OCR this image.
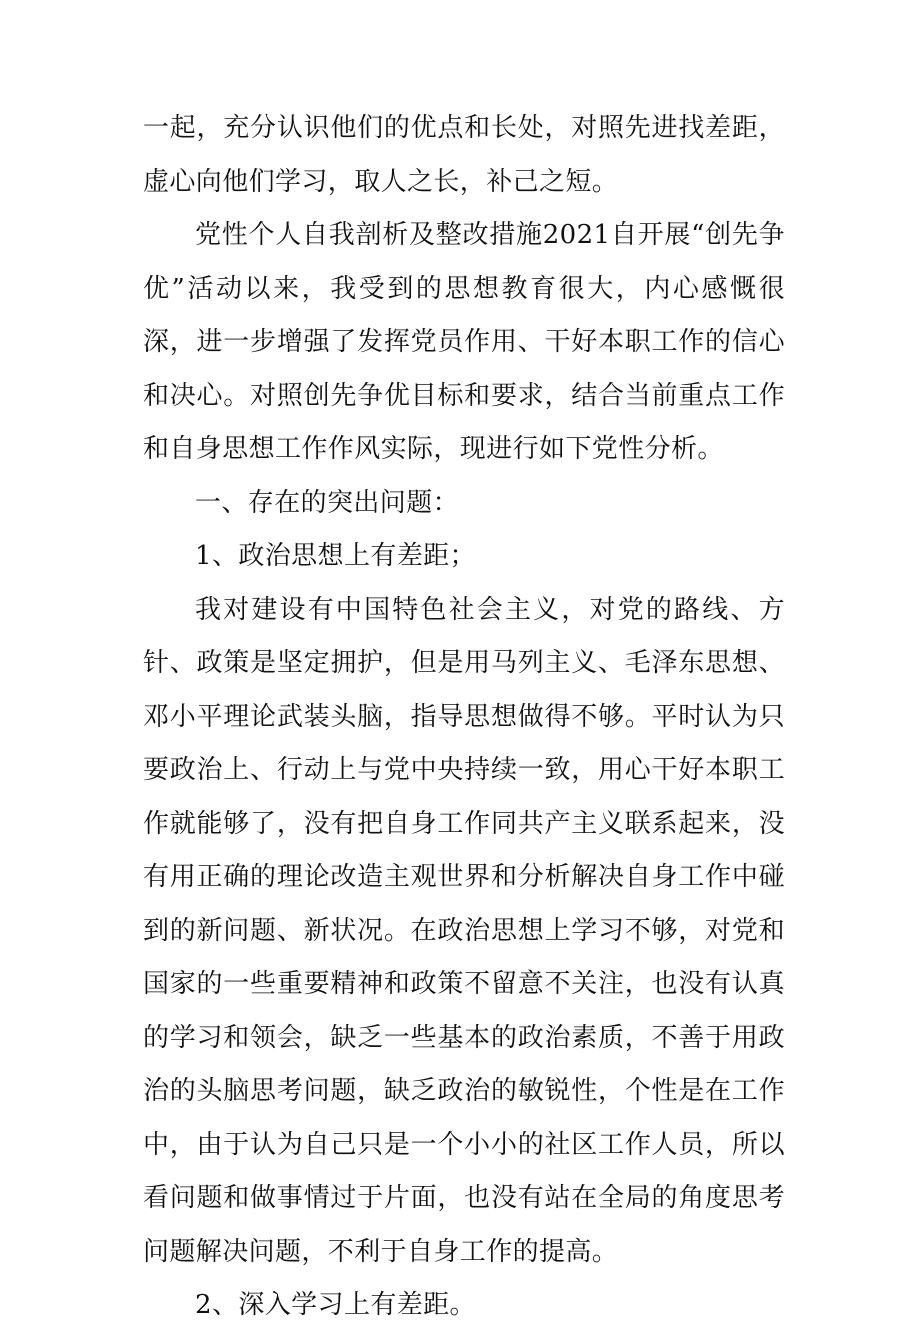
一起，充分认识他们的优点和长处，对照先进找差距，虚心向他们学习，取人之长，补己之短。

党性个人自我剖析及整改措施2021自开展“创先争优”活动以来，我受到的思想教育很大，内心感慨很深，进一步增强了发挥党员作用、干好本职工作的信心和决心。对照创先争优目标和要求，结合当前重点工作和自身思想工作作风实际，现进行如下党性分析。

一、存在的突出问题：

1、政治思想上有差距；

我对建设有中国特色社会主义，对党的路线、方针、政策是坚定拥护，但是用马列主义、毛泽东思想、邓小平理论武装头脑，指导思想做得不够。平时认为只要政治上、行动上与党中央持续一致，用心干好本职工作就能够了，没有把自身工作同共产主义联系起来，没有用正确的理论改造主观世界和分析解决自身工作中碰到的新问题、新状况。在政治思想上学习不够，对党和国家的一些重要精神和政策不留意不关注，也没有认真的学习和领会，缺乏一些基本的政治素质，不善于用政治的头脑思考问题，缺乏政治的敏锐性，个性是在工作中，由于认为自己只是一个小小的社区工作人员，所以看问题和做事情过于片面，也没有站在全局的角度思考问题解决问题，不利于自身工作的提高。

2、深入学习上有差距。
